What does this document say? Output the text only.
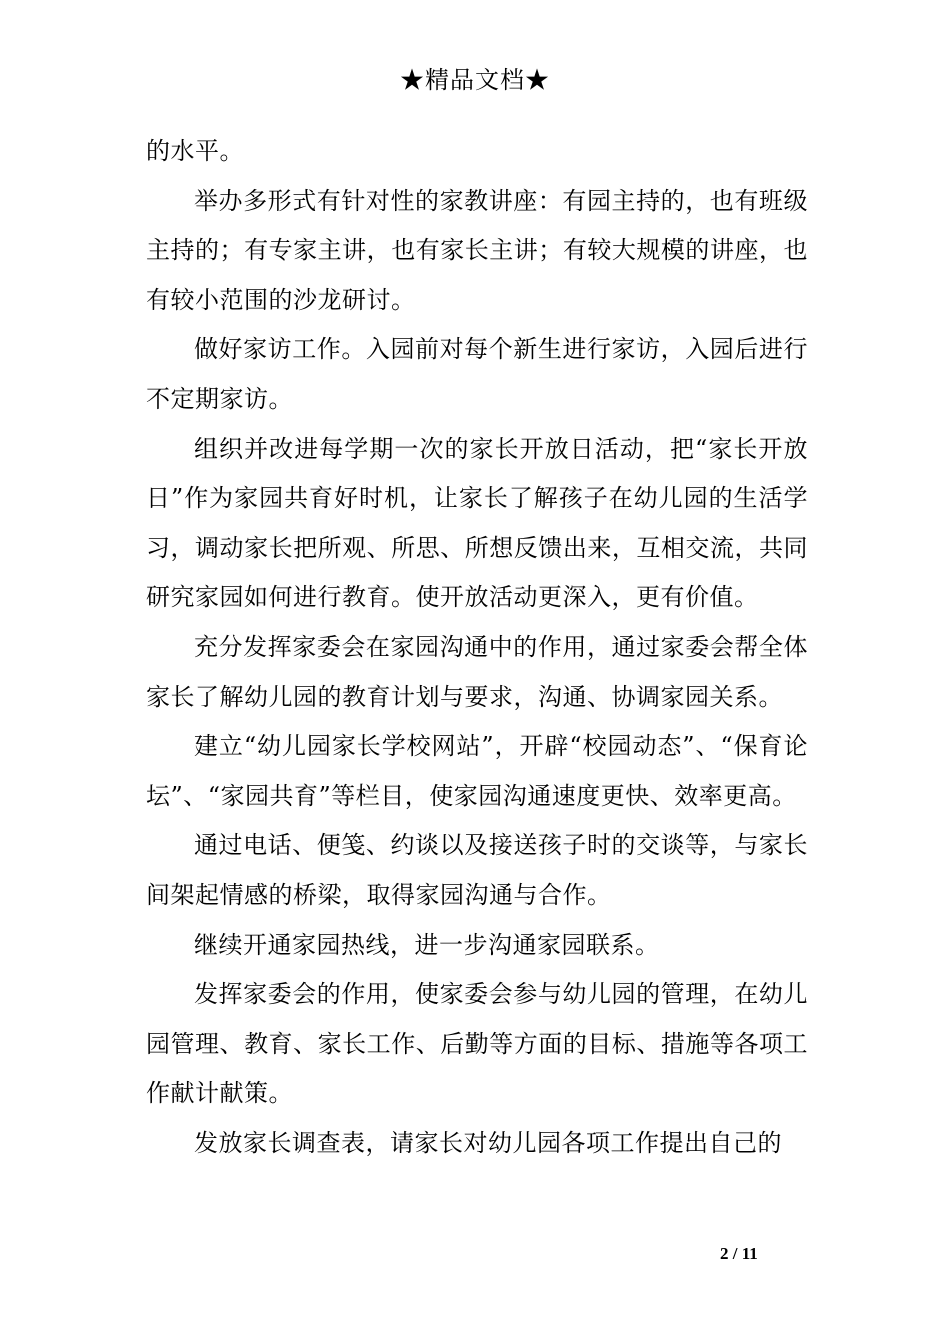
★精品文档★

的水平。

举办多形式有针对性的家教讲座：有园主持的，也有班级主持的；有专家主讲，也有家长主讲；有较大规模的讲座，也有较小范围的沙龙研讨。

做好家访工作。入园前对每个新生进行家访，入园后进行不定期家访。

组织并改进每学期一次的家长开放日活动，把“家长开放日”作为家园共育好时机，让家长了解孩子在幼儿园的生活学习，调动家长把所观、所思、所想反馈出来，互相交流，共同研究家园如何进行教育。使开放活动更深入，更有价值。

充分发挥家委会在家园沟通中的作用，通过家委会帮全体家长了解幼儿园的教育计划与要求，沟通、协调家园关系。

建立“幼儿园家长学校网站”，开辟“校园动态”、“保育论坛”、“家园共育”等栏目，使家园沟通速度更快、效率更高。

通过电话、便笺、约谈以及接送孩子时的交谈等，与家长间架起情感的桥梁，取得家园沟通与合作。

继续开通家园热线，进一步沟通家园联系。

发挥家委会的作用，使家委会参与幼儿园的管理，在幼儿园管理、教育、家长工作、后勤等方面的目标、措施等各项工作献计献策。

发放家长调查表，请家长对幼儿园各项工作提出自己的

2 / 11
